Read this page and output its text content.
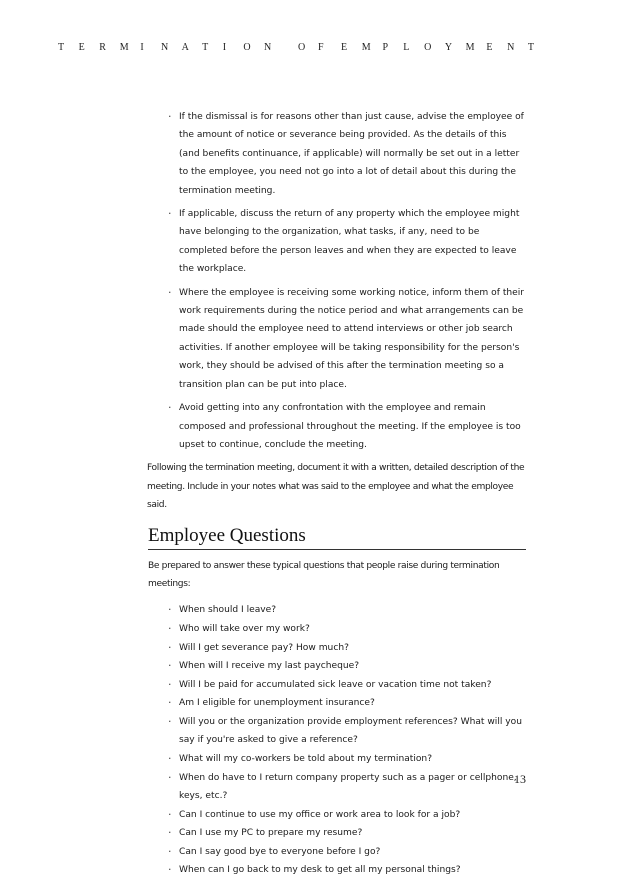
T E R M I N A T I O N	O F E M P L O Y M E N T
· If the dismissal is for reasons other than just cause, advise the employee of the amount of notice or severance being provided. As the details of this (and benefits continuance, if applicable) will normally be set out in a letter to the employee, you need not go into a lot of detail about this during the termination meeting.
· If applicable, discuss the return of any property which the employee might have belonging to the organization, what tasks, if any, need to be completed before the person leaves and when they are expected to leave the workplace.
· Where the employee is receiving some working notice, inform them of their work requirements during the notice period and what arrangements can be made should the employee need to attend interviews or other job search activities. If another employee will be taking responsibility for the person's work, they should be advised of this after the termination meeting so a transition plan can be put into place.
· Avoid getting into any confrontation with the employee and remain composed and professional throughout the meeting. If the employee is too upset to continue, conclude the meeting.

Following the termination meeting, document it with a written, detailed description of the meeting. Include in your notes what was said to the employee and what the employee said.

Employee Questions

Be prepared to answer these typical questions that people raise during termination meetings:

· When should I leave?
· Who will take over my work?
· Will I get severance pay? How much?
· When will I receive my last paycheque?
· Will I be paid for accumulated sick leave or vacation time not taken?
· Am I eligible for unemployment insurance?
· Will you or the organization provide employment references? What will you say if you're asked to give a reference?
· What will my co-workers be told about my termination?
· When do have to I return company property such as a pager or cellphone, keys, etc.?
· Can I continue to use my office or work area to look for a job?
· Can I use my PC to prepare my resume?
· Can I say good bye to everyone before I go?
· When can I go back to my desk to get all my personal things?
13
